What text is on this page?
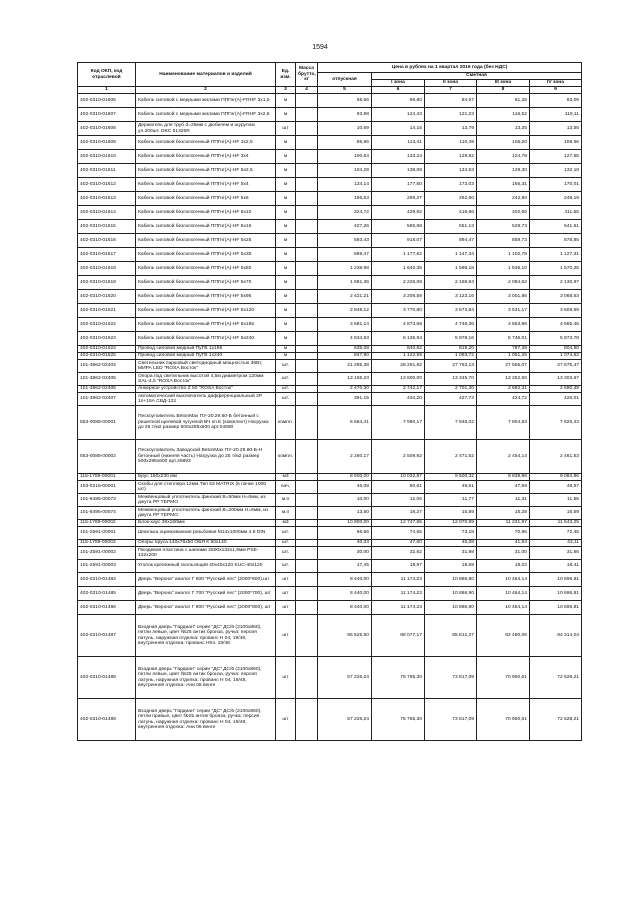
1594
Код ОКП, код отраслевой	Наименование материалов и изделий	Ед. изм.	Масса брутто, кг	Цена в рублях на 1 квартал 2016 года (без НДС)				
				отпускная	Сметная			
					I зона	II зона	III зона	IV зона
1	2	3	4	5	6	7	8	9
402-0310-01606	Кабель силовой с медными жилами ППГнг(А)-FRHF 3х1,5	м		65,56	86,80	84,57	81,28	83,09
402-0310-01607	Кабель силовой с медными жилами ППГнг(А)-FRHF 3х2,5	м		93,98	124,43	121,23	116,52	119,11
402-0310-01608	Держатель для труб d=25мм с дюбелем и шурупом уп.200шт. DKC 51325R	шт		10,69	14,15	13,79	13,25	13,55
402-0310-01609	Кабель силовой безгалогенный ППГнг(А)-HF 3х2,5	м		85,86	113,41	110,49	106,20	108,56
402-0310-01610	Кабель силовой безгалогенный ППГнг(А)-HF 3х4	м		100,64	133,24	129,82	124,78	127,55
402-0310-01611	Кабель силовой безгалогенный ППГнг(А)-HF 5х2,5	м		104,29	138,08	134,53	129,30	132,18
402-0310-01612	Кабель силовой безгалогенный ППГнг(А)-HF 5х4	м		134,14	177,60	173,03	166,31	170,01
402-0310-01613	Кабель силовой безгалогенный ППГнг(А)-HF 5х6	м		195,63	259,27	252,60	242,80	248,19
402-0310-01614	Кабель силовой безгалогенный ППГнг(А)-HF 5х10	м		324,72	429,92	418,86	402,60	411,55
402-0310-01615	Кабель силовой безгалогенный ППГнг(А)-HF 5х16	м		427,26	565,68	551,13	529,73	541,51
402-0310-01616	Кабель силовой безгалогенный ППГнг(А)-HF 5х25	м		693,43	918,07	894,47	859,73	878,85
402-0310-01617	Кабель силовой безгалогенный ППГнг(А)-HF 5х35	м		889,47	1 177,62	1 147,34	1 102,78	1 127,31
402-0310-01618	Кабель силовой безгалогенный ППГнг(А)-HF 5х50	м		1 238,98	1 640,35	1 598,18	1 536,10	1 570,25
402-0310-01619	Кабель силовой безгалогенный ППГнг(А)-HF 5х70	м		1 681,36	2 226,08	2 168,84	2 084,62	2 130,97
402-0310-01620	Кабель силовой безгалогенный ППГнг(А)-HF 5х95	м		2 421,21	3 205,59	3 123,16	3 001,86	3 068,63
402-0310-01621	Кабель силовой безгалогенный ППГнг(А)-HF 5х120	м		2 848,12	3 770,80	3 673,84	3 531,17	3 609,69
402-0310-01622	Кабель силовой безгалогенный ППГнг(А)-HF 5х185	м		3 681,14	4 873,69	4 748,36	4 563,98	4 665,46
402-0310-01623	Кабель силовой безгалогенный ППГнг(А)-HF 5х240	м		4 634,53	6 135,94	5 978,16	5 746,01	5 873,78
402-0310-01624	Провод силовой медный ПуГВ 1х185	м		635,08	840,82	819,20	787,39	804,90
402-0310-01625	Провод силовой медный ПуГВ 1х240	м		847,90	1 122,59	1 093,72	1 051,25	1 074,62
101-3862-02404	Светильник парковый светодиодный мощностью 36Вт, МИРА LED "ROSA Восток"	шт.		21 285,38	28 291,92	27 763,13	27 555,07	27 675,47
101-3862-02405	Опора под светильник высотой 4,5м диаметром 120мм SAL-4,5 "ROSA Восток"	шт.		13 155,23	13 600,00	13 345,70	13 252,60	13 303,67
101-3862-02406	Анкерное устройство Z 50 "ROSA Восток"	шт.		2 470,30	2 742,17	2 701,30	2 682,31	2 690,49
101-3862-02407	Автоматический выключатель дифференциальный 2Р 1п+16А СВД-122	шт.		391,15	434,20	427,73	424,72	426,01
553-0088-00001	Пескоуловитель BetonMax ПУ-20.29.60-Б бетонный с решеткой щелевой чугунной ВЧ кл.Е (комплект) Нагрузка до 25 т/м2 размер 500х285х600 арт.04580	компл.		6 664,41	7 990,17	7 848,02	7 804,83	7 825,43
553-0088-00002	Пескоуловитель Заводской BetonMax ПУ-20.29.60-Б-Н бетонный (нижняя часть) Нагрузка до 25 т/м2 размер 500х285х600 арт.45893	компл.		2 260,17	2 509,92	2 471,52	2 454,14	2 461,53
115-1789-00001	Брус 150х230 мм	м3		8 500,00	10 032,87	9 500,32	9 839,98	9 084,86
103-0215-00001	Скобы для степлера 12мм.Тип 53 MATRIX (в пачке 1000 шт)	пач.		46,08	50,61	49,51	47,59	48,57
101-8495-00073	Межвенцовый уплотнитель финский В=50мм Н=6мм, из джута PP ТЕРМО	м.п		10,00	12,05	11,77	11,31	11,55
101-8495-00074	Межвенцовый уплотнитель финский В=200мм Н=6мм, из джута PP ТЕРМО	м.п		13,50	16,27	15,89	15,28	15,59
115-1789-00002	Блок-хаус 36х160мм	м3		10 800,00	12 747,65	12 070,99	11 231,97	11 543,25
101-2591-00001	Шпилька оцинкованная резьбовая М14х1000мм 4.8 DIN	шт.		66,56	74,65	73,18	70,95	72,45
115-1789-00003	Опоры бруса 140х76х50 ОБЯ К 50х140	шт.		40,33	47,60	45,08	41,94	43,11
101-2591-00002	Гвоздевая пластина с шипами 2500х132х1,9мм PSE-132х200	шт.		30,00	32,62	31,98	31,00	31,66
101-2591-00003	Уголок крепежный скользящий 40х40х120 KUC-40х120	шт.		17,45	18,97	18,59	18,03	18,41
402-0310-01484	Дверь "Верона" аналог Г 600 "Русский лес" (2000*600),шт	шт		8 440,00	11 174,23	10 886,90	10 464,14	10 696,81
402-0310-01485	Дверь "Верона" аналог Г 700 "Русский лес" (2000*700), шт	шт		8 440,00	11 174,23	10 886,90	10 464,14	10 696,81
402-0310-01486	Дверь "Верона" аналог Г 800 "Русский лес" (2000*800), шт	шт		8 440,00	11 174,23	10 886,90	10 464,14	10 696,81
402-0310-01487	Входная дверь "Гардиан" серии "ДС" ДС/6 (2100х860), петли левые, цвет №25 антик бронза, ручка: персия патунь, наружная отделка: прованс Н 04, 19/48, внутренняя отделка: прованс Н04. 19/48	шт		66 525,50	88 077,17	85 812,37	82 480,06	84 314,04
402-0310-01488	Входная дверь "Гардиан" серии "ДС" ДС/6 (2100х860), петли левые, цвет №25 антик бронза, ручка: персия латунь, наружная отделка: прованс Н 04, 19/48, внутренняя отделка: Ани 06 венге	шт		57 226,24	75 765,30	73 817,09	70 950,61	72 528,21
402-0310-01489	Входная дверь "Гардиан" серии "ДС" ДС/6 (2100х860), петли правые, цвет №25 антик бронза, ручка: персия латунь, наружная отделка: прованс Н 04, 19/48, внутренняя отделка: Ани 06 венге	шт		57 226,24	75 765,30	73 817,09	70 950,61	72 528,21
